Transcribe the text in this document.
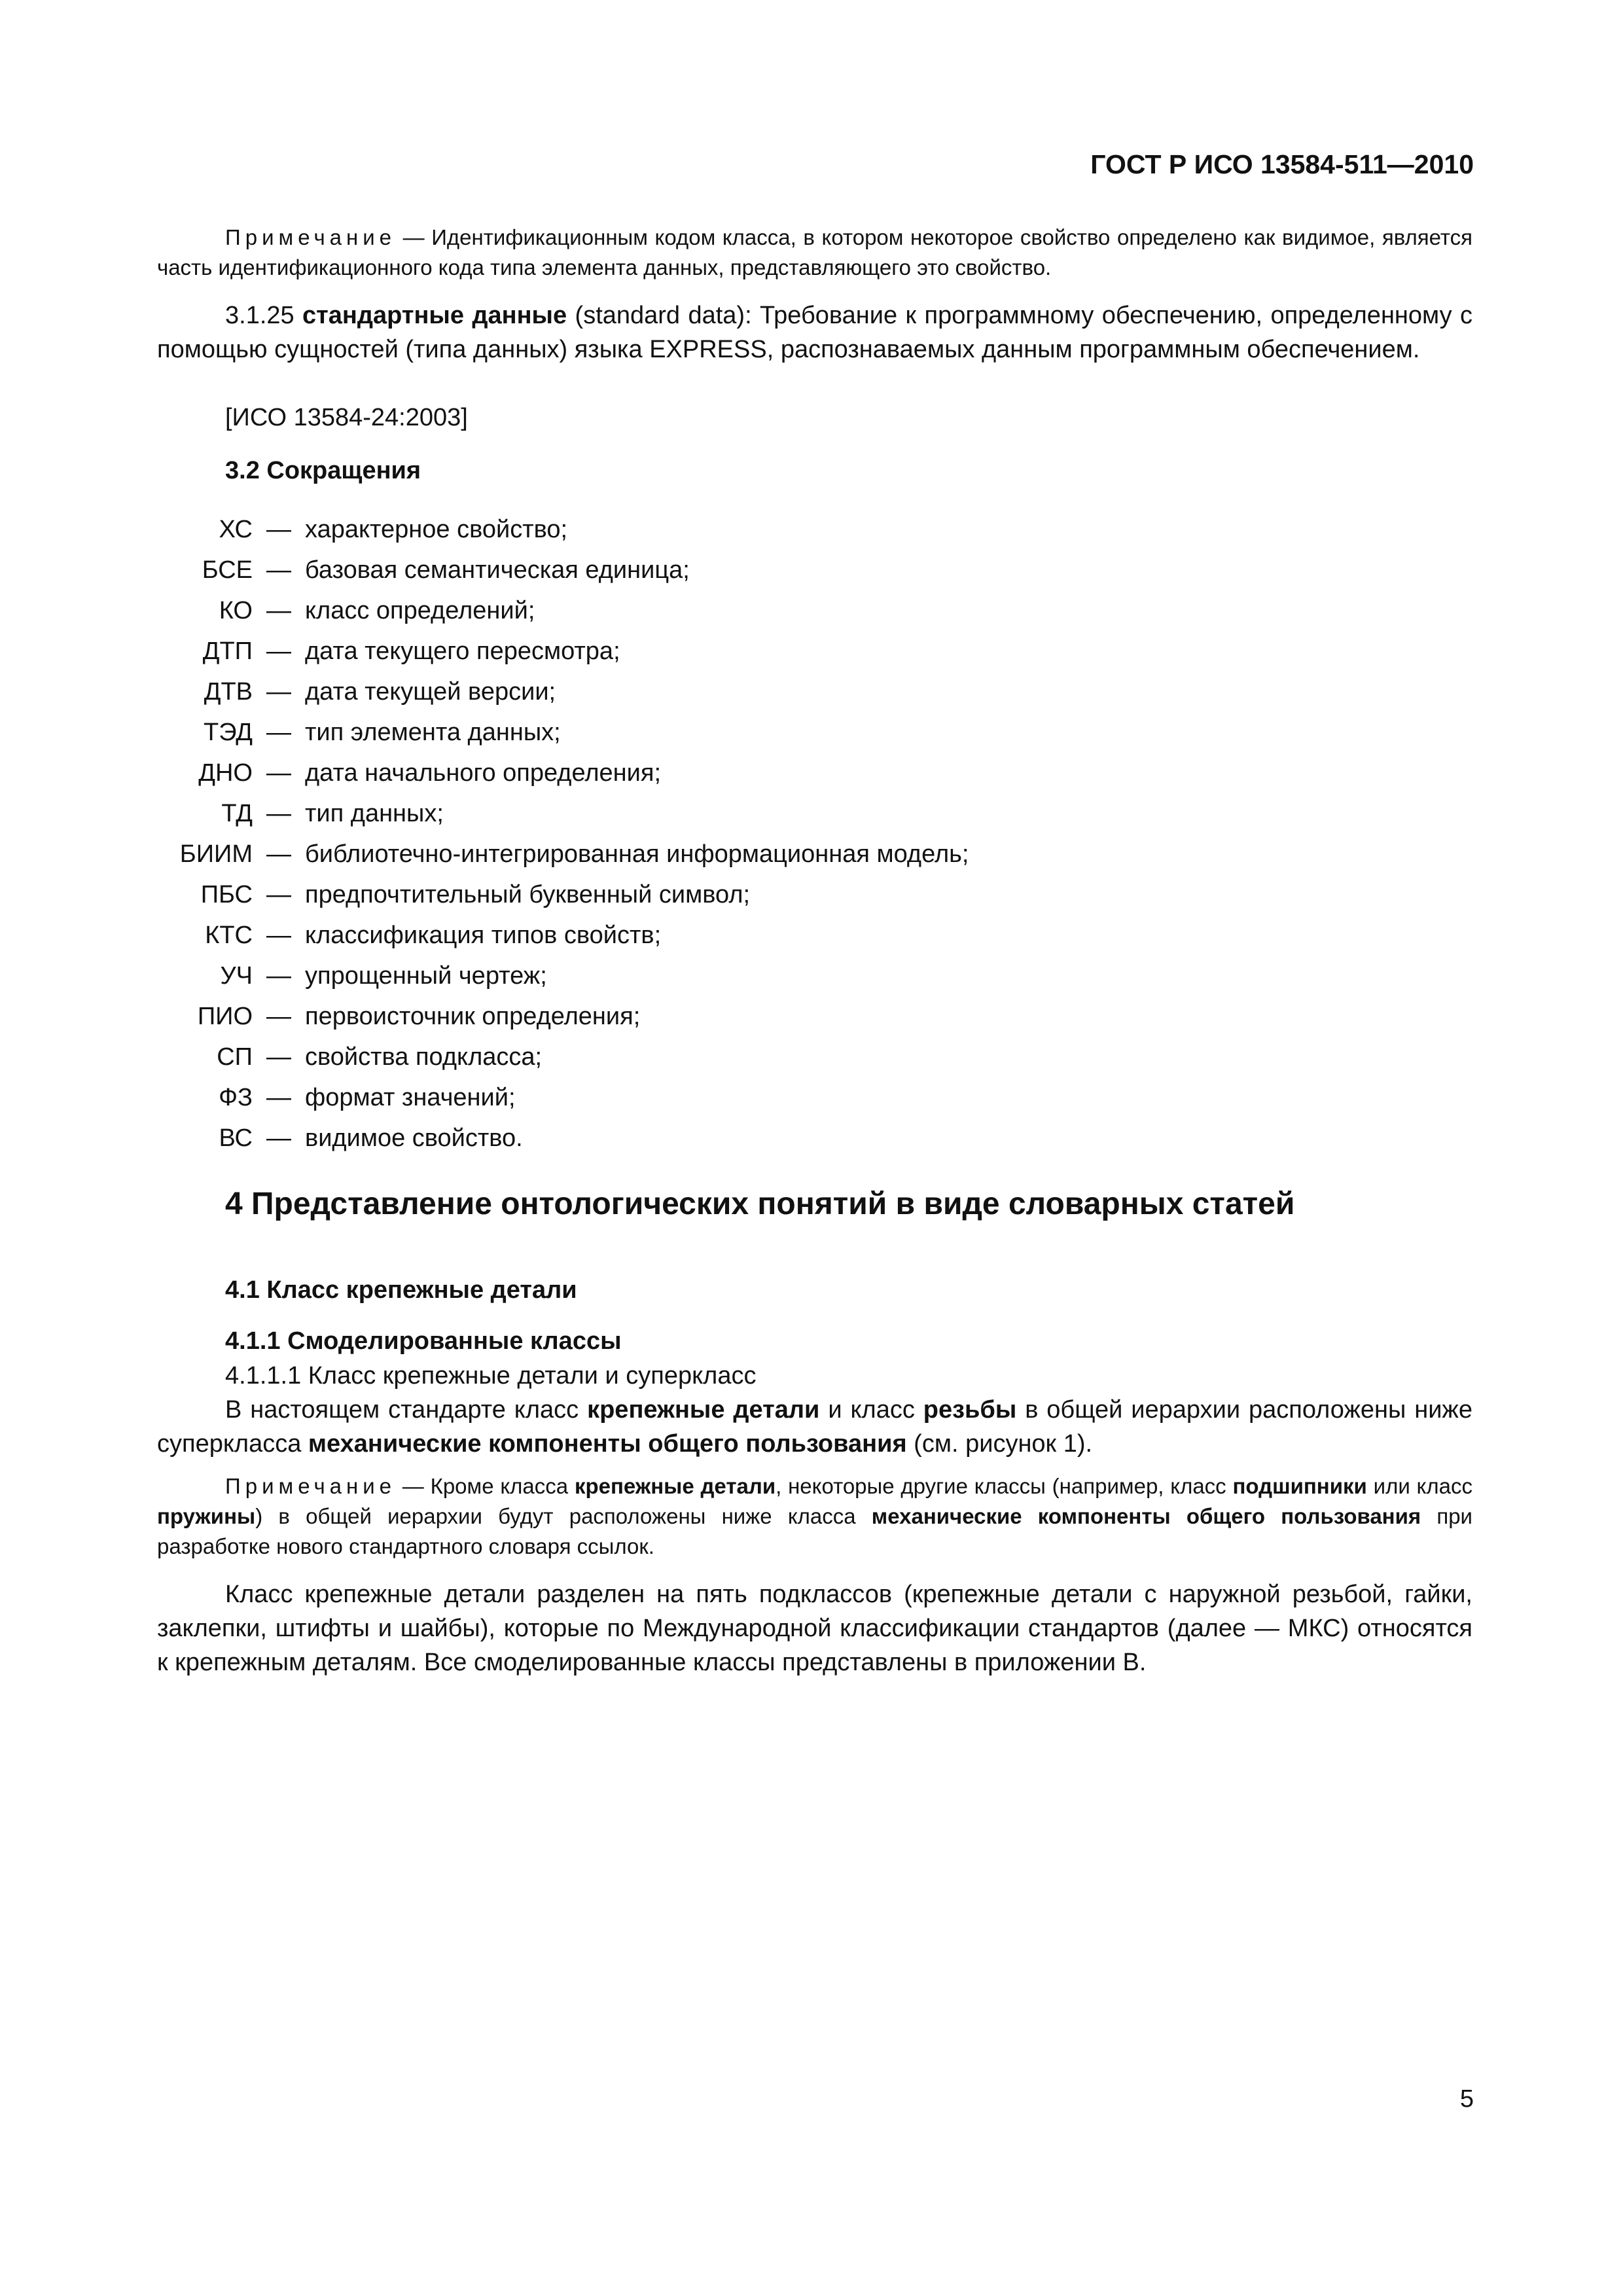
ГОСТ Р ИСО 13584-511—2010
Примечание — Идентификационным кодом класса, в котором некоторое свойство определено как видимое, является часть идентификационного кода типа элемента данных, представляющего это свойство.
3.1.25 стандартные данные (standard data): Требование к программному обеспечению, определенному с помощью сущностей (типа данных) языка EXPRESS, распознаваемых данным программным обеспечением.
[ИСО 13584-24:2003]
3.2 Сокращения
ХС — характерное свойство;
БСЕ — базовая семантическая единица;
КО — класс определений;
ДТП — дата текущего пересмотра;
ДТВ — дата текущей версии;
ТЭД — тип элемента данных;
ДНО — дата начального определения;
ТД — тип данных;
БИИМ — библиотечно-интегрированная информационная модель;
ПБС — предпочтительный буквенный символ;
КТС — классификация типов свойств;
УЧ — упрощенный чертеж;
ПИО — первоисточник определения;
СП — свойства подкласса;
ФЗ — формат значений;
ВС — видимое свойство.
4 Представление онтологических понятий в виде словарных статей
4.1 Класс крепежные детали
4.1.1 Смоделированные классы
4.1.1.1 Класс крепежные детали и суперкласс
В настоящем стандарте класс крепежные детали и класс резьбы в общей иерархии расположены ниже суперкласса механические компоненты общего пользования (см. рисунок 1).
Примечание — Кроме класса крепежные детали, некоторые другие классы (например, класс подшипники или класс пружины) в общей иерархии будут расположены ниже класса механические компоненты общего пользования при разработке нового стандартного словаря ссылок.
Класс крепежные детали разделен на пять подклассов (крепежные детали с наружной резьбой, гайки, заклепки, штифты и шайбы), которые по Международной классификации стандартов (далее — МКС) относятся к крепежным деталям. Все смоделированные классы представлены в приложении В.
5
